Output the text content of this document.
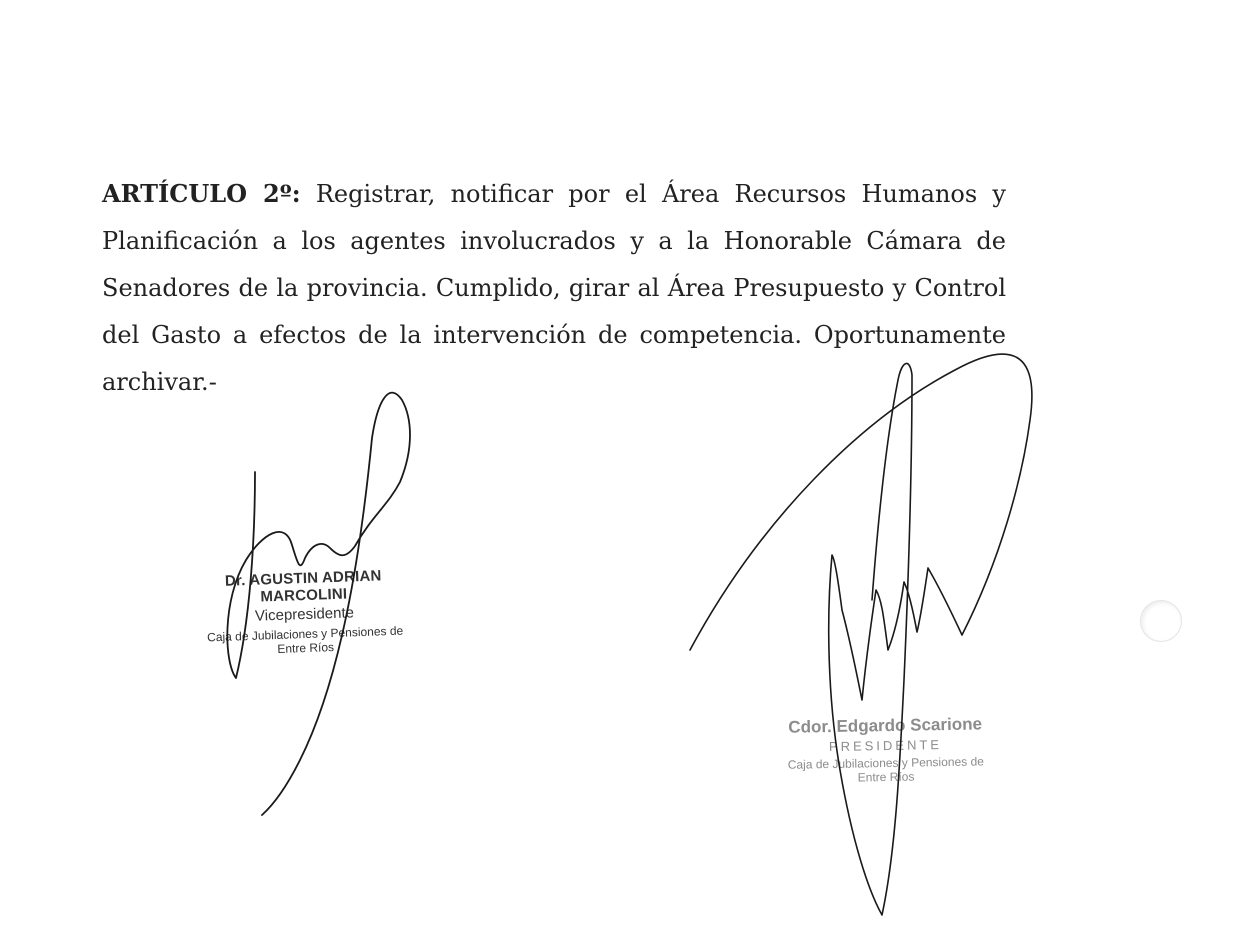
ARTÍCULO 2º: Registrar, notificar por el Área Recursos Humanos y Planificación a los agentes involucrados y a la Honorable Cámara de Senadores de la provincia. Cumplido, girar al Área Presupuesto y Control del Gasto a efectos de la intervención de competencia. Oportunamente archivar.-

Dr. AGUSTIN ADRIAN MARCOLINI
Vicepresidente
Caja de Jubilaciones y Pensiones de Entre Ríos
Cdor. Edgardo Scarione
PRESIDENTE
Caja de Jubilaciones y Pensiones de Entre Ríos
